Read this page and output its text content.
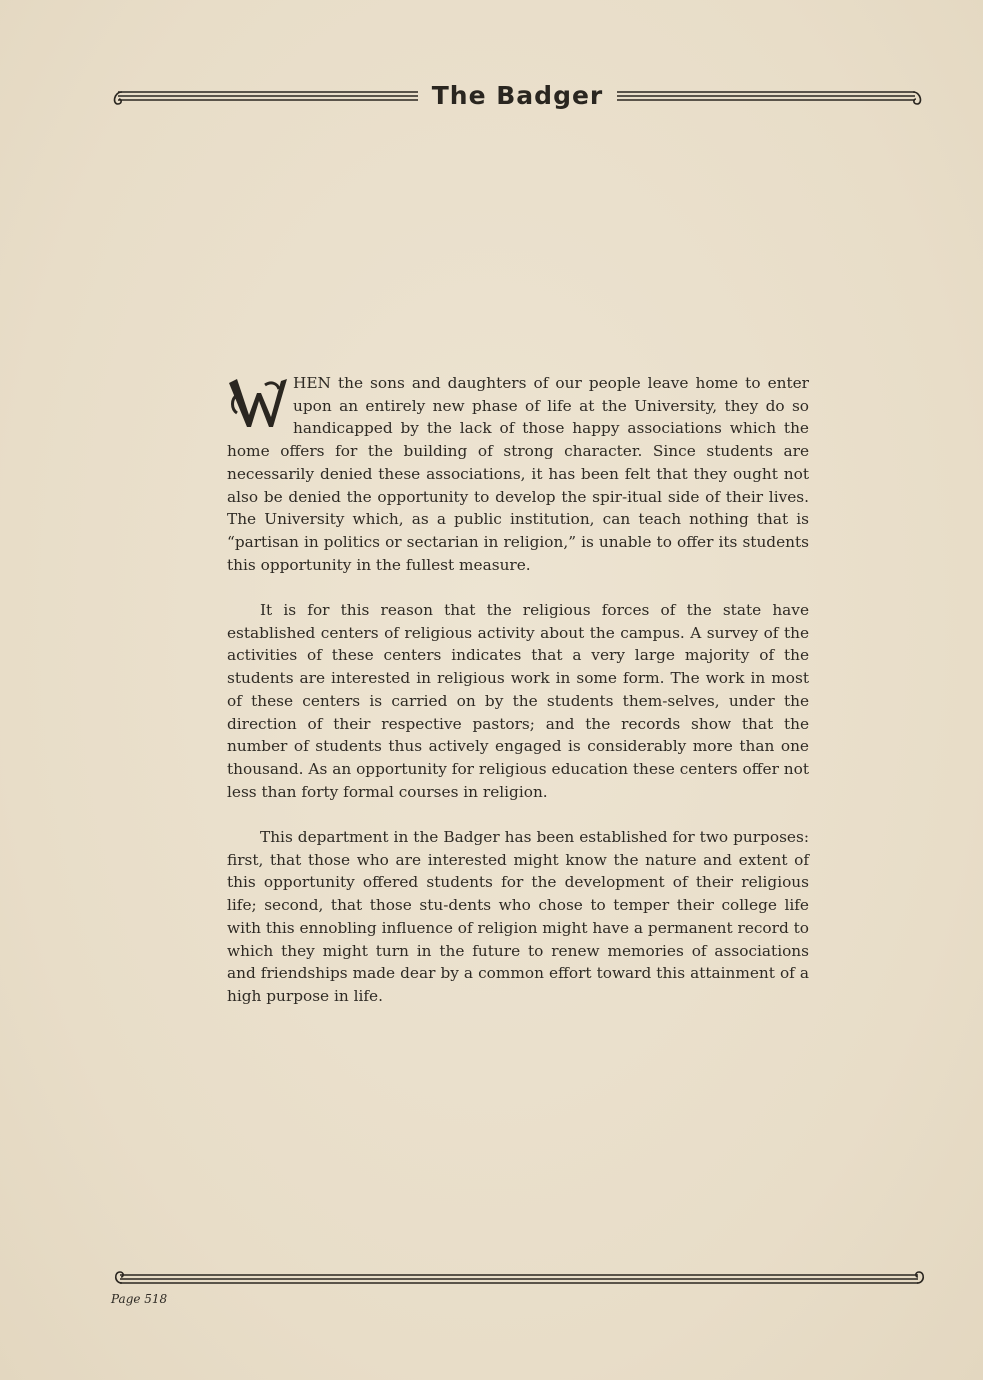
The Badger

HEN the sons and daughters of our people leave home to enter upon an entirely new phase of life at the University, they do so handicapped by the lack of those happy associations which the home offers for the building of strong character. Since students are necessarily denied these associations, it has been felt that they ought not also be denied the opportunity to develop the spir-itual side of their lives. The University which, as a public institution, can teach nothing that is “partisan in politics or sectarian in religion,” is unable to offer its students this opportunity in the fullest measure.

It is for this reason that the religious forces of the state have established centers of religious activity about the campus. A survey of the activities of these centers indicates that a very large majority of the students are interested in religious work in some form. The work in most of these centers is carried on by the students them-selves, under the direction of their respective pastors; and the records show that the number of students thus actively engaged is considerably more than one thousand. As an opportunity for religious education these centers offer not less than forty formal courses in religion.

This department in the Badger has been established for two purposes: first, that those who are interested might know the nature and extent of this opportunity offered students for the development of their religious life; second, that those stu-dents who chose to temper their college life with this ennobling influence of religion might have a permanent record to which they might turn in the future to renew memories of associations and friendships made dear by a common effort toward this attainment of a high purpose in life.

Page 518
